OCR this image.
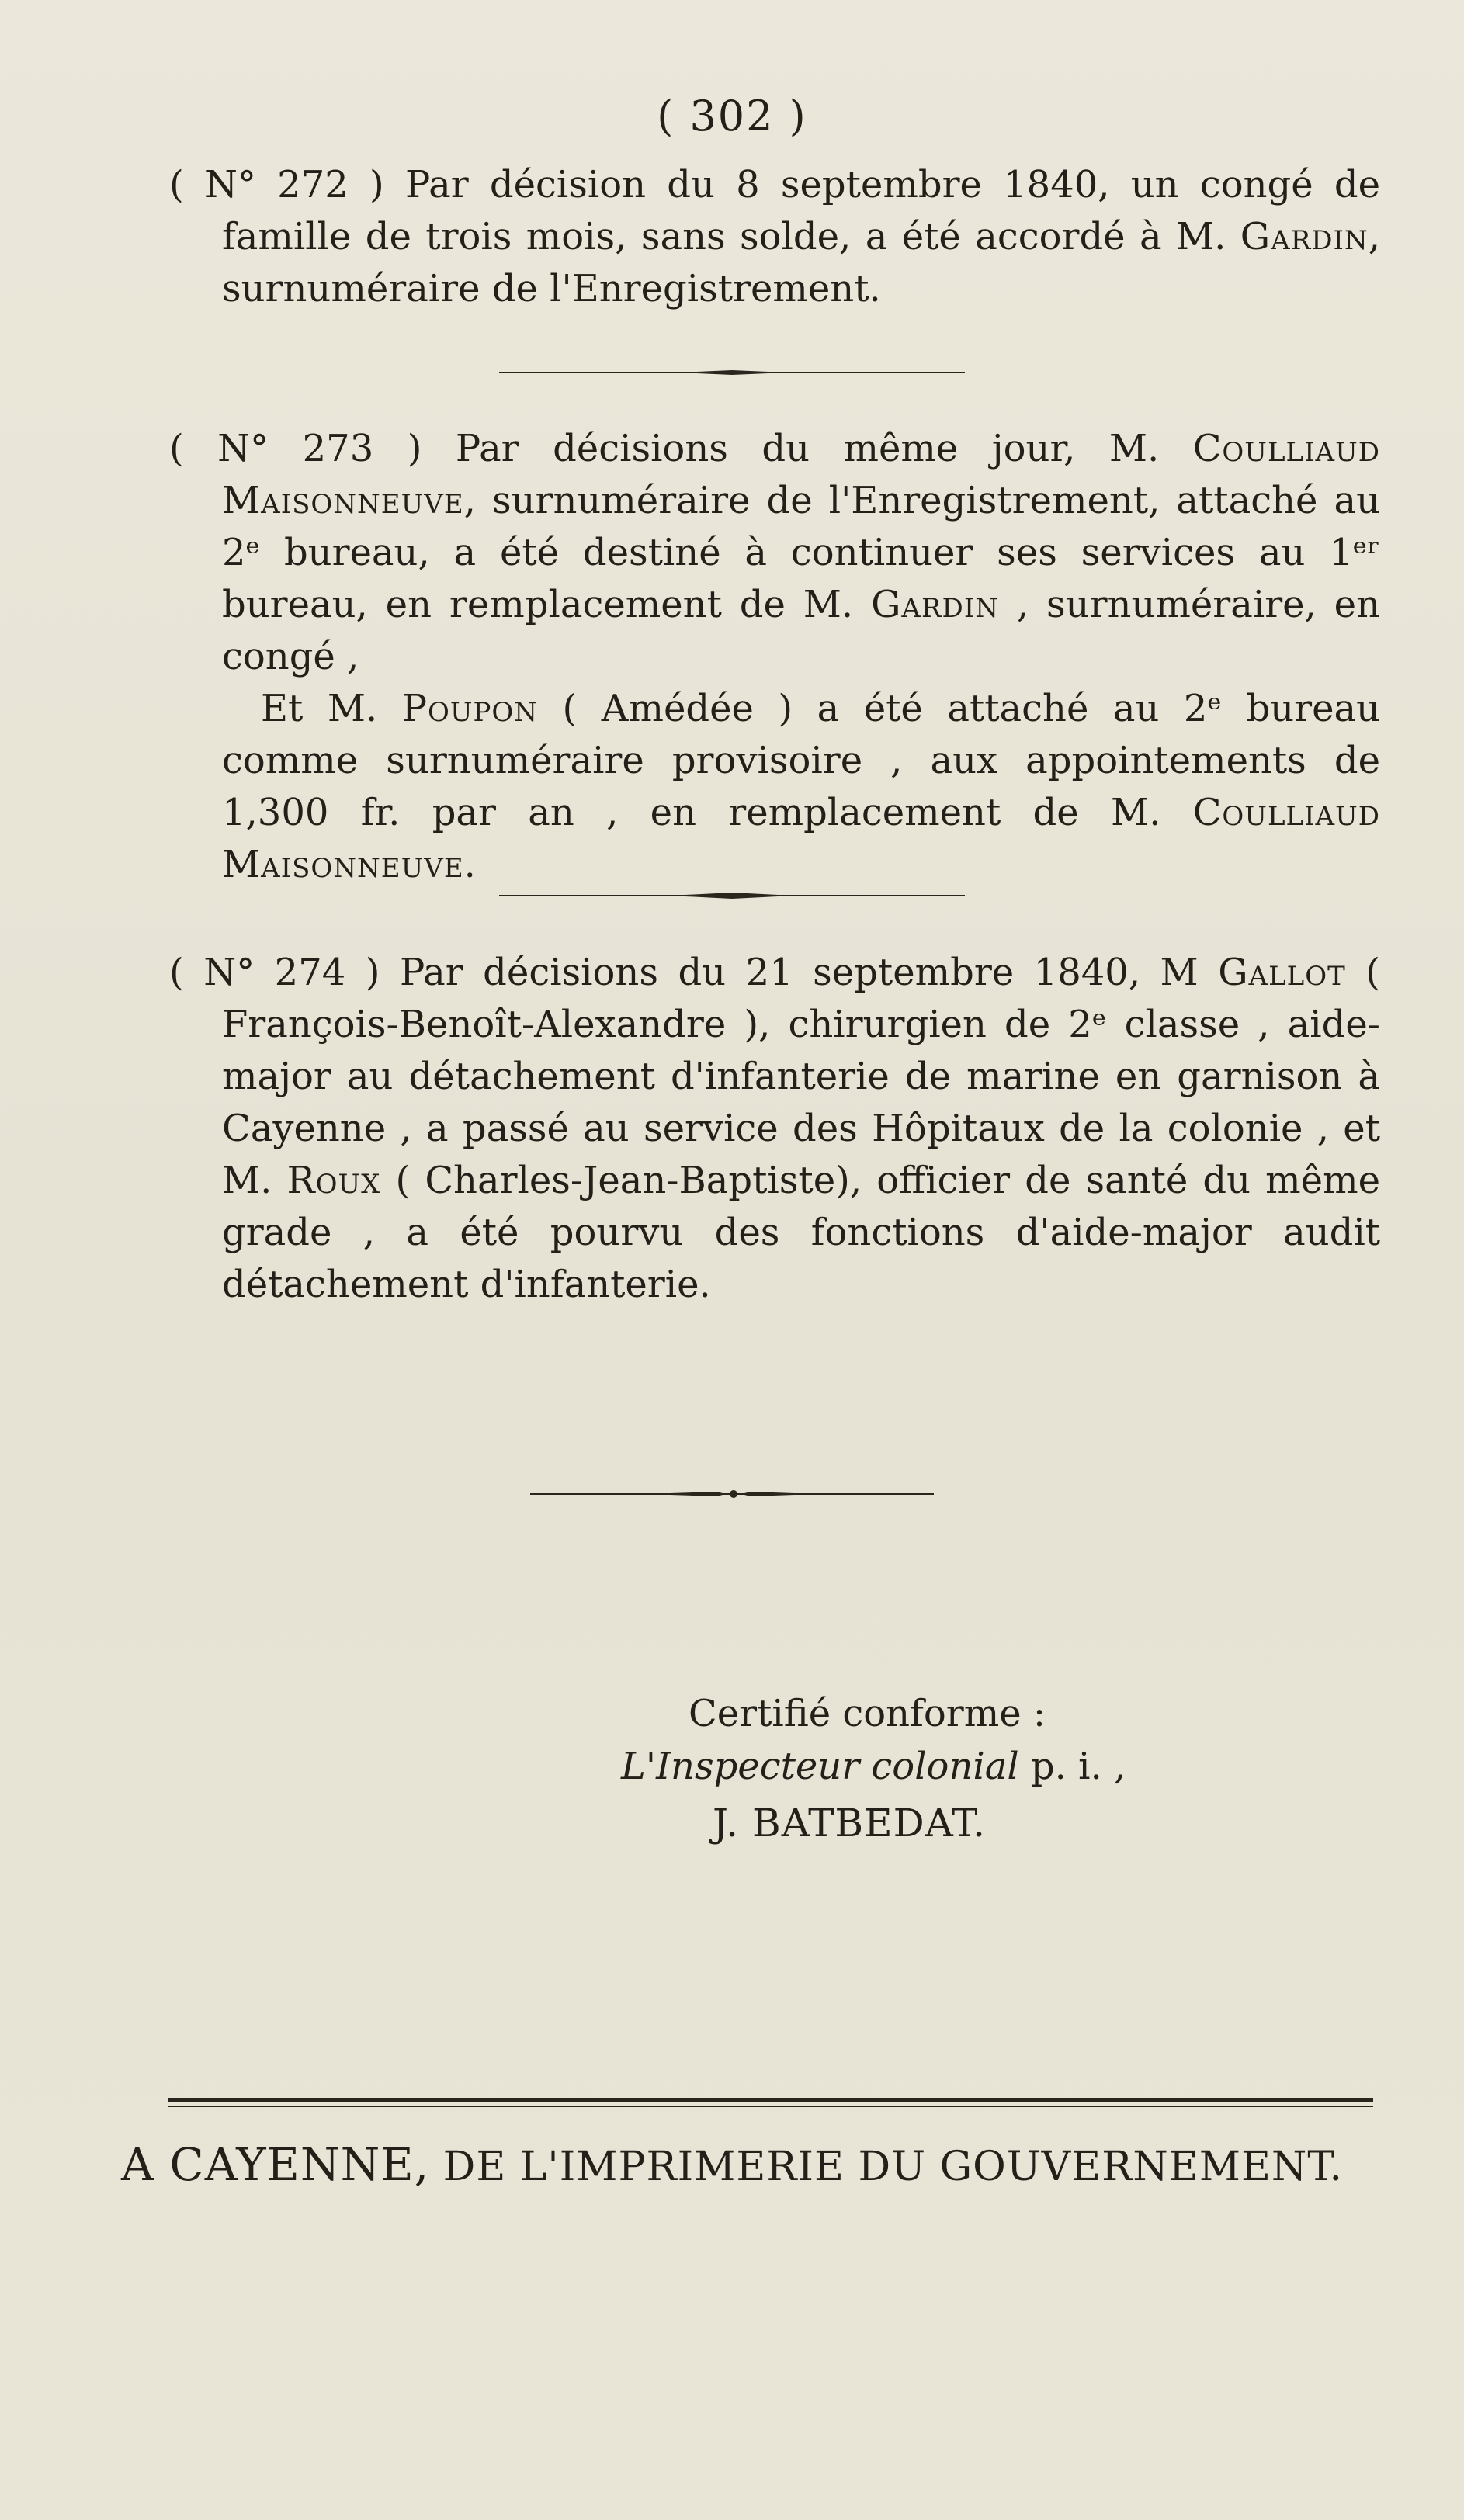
( 302 )

( N° 272 ) Par décision du 8 septembre 1840, un congé de famille de trois mois, sans solde, a été accordé à M. Gardin, surnuméraire de l'Enregistrement.

( N° 273 ) Par décisions du même jour, M. Coulliaud Maisonneuve, surnuméraire de l'Enregistrement, attaché au 2ᵉ bureau, a été destiné à continuer ses services au 1ᵉʳ bureau, en remplacement de M. Gardin , surnuméraire, en congé ,

Et M. Poupon ( Amédée ) a été attaché au 2ᵉ bureau comme surnuméraire provisoire , aux appointements de 1,300 fr. par an , en remplacement de M. Coulliaud Maisonneuve.

( N° 274 ) Par décisions du 21 septembre 1840, M Gallot ( François-Benoît-Alexandre ), chirurgien de 2ᵉ classe , aide-major au détachement d'infanterie de marine en garnison à Cayenne , a passé au service des Hôpitaux de la colonie , et M. Roux ( Charles-Jean-Baptiste), officier de santé du même grade , a été pourvu des fonctions d'aide-major audit détachement d'infanterie.

Certifié conforme :
L'Inspecteur colonial p. i. ,
J. BATBEDAT.
A CAYENNE, DE L'IMPRIMERIE DU GOUVERNEMENT.
